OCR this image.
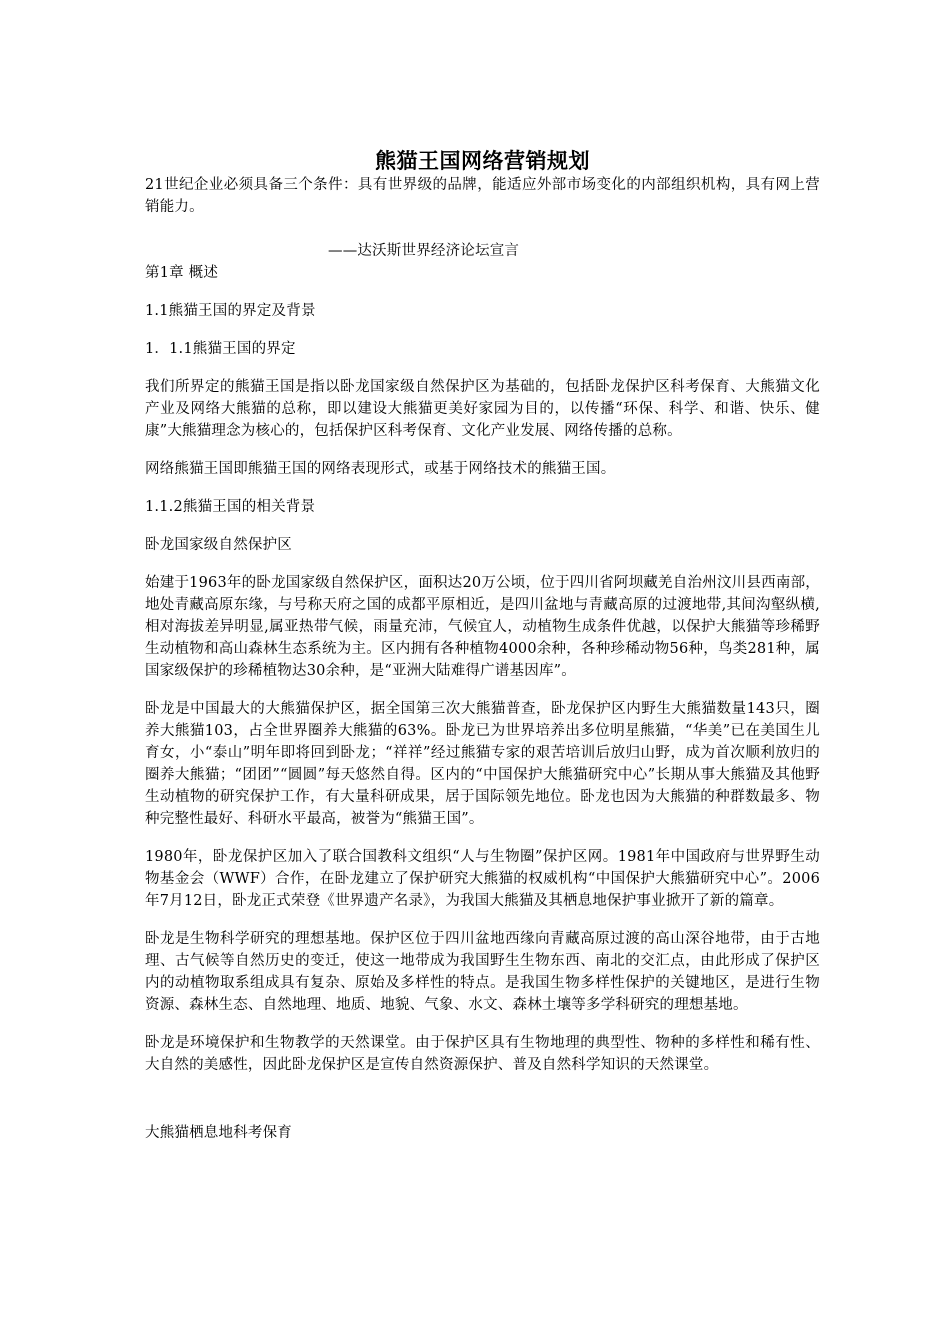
熊猫王国网络营销规划

21世纪企业必须具备三个条件：具有世界级的品牌，能适应外部市场变化的内部组织机构，具有网上营销能力。

——达沃斯世界经济论坛宣言

第1章 概述

1.1熊猫王国的界定及背景

1．1.1熊猫王国的界定

我们所界定的熊猫王国是指以卧龙国家级自然保护区为基础的，包括卧龙保护区科考保育、大熊猫文化产业及网络大熊猫的总称，即以建设大熊猫更美好家园为目的，以传播“环保、科学、和谐、快乐、健康”大熊猫理念为核心的，包括保护区科考保育、文化产业发展、网络传播的总称。

网络熊猫王国即熊猫王国的网络表现形式，或基于网络技术的熊猫王国。

1.1.2熊猫王国的相关背景

卧龙国家级自然保护区

始建于1963年的卧龙国家级自然保护区，面积达20万公顷，位于四川省阿坝藏羌自治州汶川县西南部，地处青藏高原东缘，与号称天府之国的成都平原相近，是四川盆地与青藏高原的过渡地带,其间沟壑纵横,相对海拔差异明显,属亚热带气候，雨量充沛，气候宜人，动植物生成条件优越，以保护大熊猫等珍稀野生动植物和高山森林生态系统为主。区内拥有各种植物4000余种，各种珍稀动物56种，鸟类281种，属国家级保护的珍稀植物达30余种，是“亚洲大陆难得广谱基因库”。

卧龙是中国最大的大熊猫保护区，据全国第三次大熊猫普查，卧龙保护区内野生大熊猫数量143只，圈养大熊猫103，占全世界圈养大熊猫的63%。卧龙已为世界培养出多位明星熊猫，“华美”已在美国生儿育女，小“泰山”明年即将回到卧龙；“祥祥”经过熊猫专家的艰苦培训后放归山野，成为首次顺利放归的圈养大熊猫；“团团”“圆圆”每天悠然自得。区内的“中国保护大熊猫研究中心”长期从事大熊猫及其他野生动植物的研究保护工作，有大量科研成果，居于国际领先地位。卧龙也因为大熊猫的种群数最多、物种完整性最好、科研水平最高，被誉为“熊猫王国”。

1980年，卧龙保护区加入了联合国教科文组织“人与生物圈”保护区网。1981年中国政府与世界野生动物基金会（WWF）合作，在卧龙建立了保护研究大熊猫的权威机构“中国保护大熊猫研究中心”。2006年7月12日，卧龙正式荣登《世界遗产名录》，为我国大熊猫及其栖息地保护事业掀开了新的篇章。

卧龙是生物科学研究的理想基地。保护区位于四川盆地西缘向青藏高原过渡的高山深谷地带，由于古地理、古气候等自然历史的变迁，使这一地带成为我国野生生物东西、南北的交汇点，由此形成了保护区内的动植物取系组成具有复杂、原始及多样性的特点。是我国生物多样性保护的关键地区，是进行生物资源、森林生态、自然地理、地质、地貌、气象、水文、森林土壤等多学科研究的理想基地。

卧龙是环境保护和生物教学的天然课堂。由于保护区具有生物地理的典型性、物种的多样性和稀有性、大自然的美感性，因此卧龙保护区是宣传自然资源保护、普及自然科学知识的天然课堂。

大熊猫栖息地科考保育
